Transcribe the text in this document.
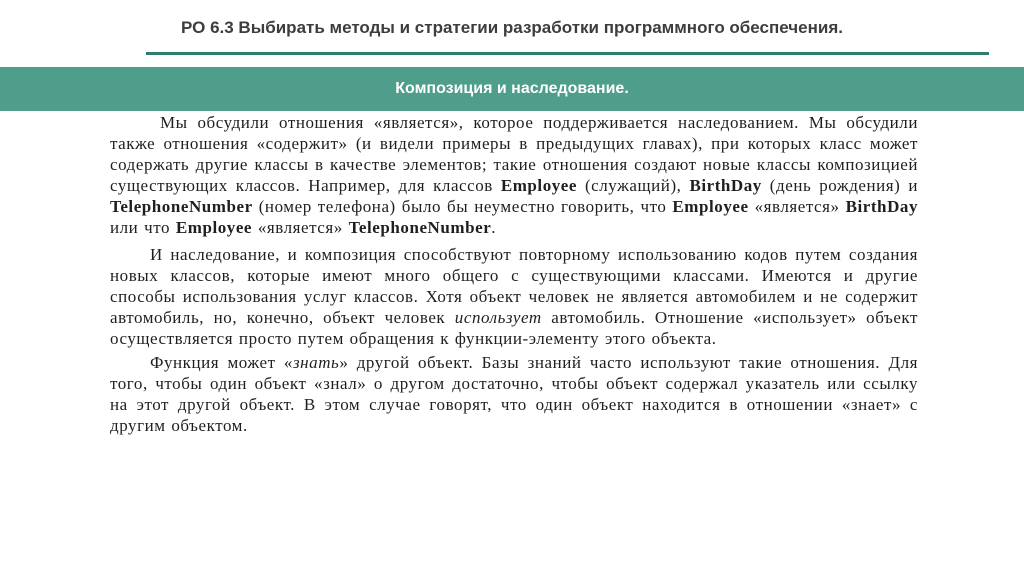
РО 6.3 Выбирать методы и стратегии разработки программного обеспечения.
Композиция и наследование.

Мы обсудили отношения «является», которое поддерживается наследованием. Мы обсудили также отношения «содержит» (и видели примеры в предыдущих главах), при которых класс может содержать другие классы в качестве элементов; такие отношения создают новые классы композицией существующих классов. Например, для классов Employee (служащий), BirthDay (день рождения) и TelephoneNumber (номер телефона) было бы неуместно говорить, что Employee «является» BirthDay или что Employee «является» TelephoneNumber.

И наследование, и композиция способствуют повторному использованию кодов путем создания новых классов, которые имеют много общего с существующими классами. Имеются и другие способы использования услуг классов. Хотя объект человек не является автомобилем и не содержит автомобиль, но, конечно, объект человек использует автомобиль. Отношение «использует» объект осуществляется просто путем обращения к функции-элементу этого объекта.

Функция может «знать» другой объект. Базы знаний часто используют такие отношения. Для того, чтобы один объект «знал» о другом достаточно, чтобы объект содержал указатель или ссылку на этот другой объект. В этом случае говорят, что один объект находится в отношении «знает» с другим объектом.
